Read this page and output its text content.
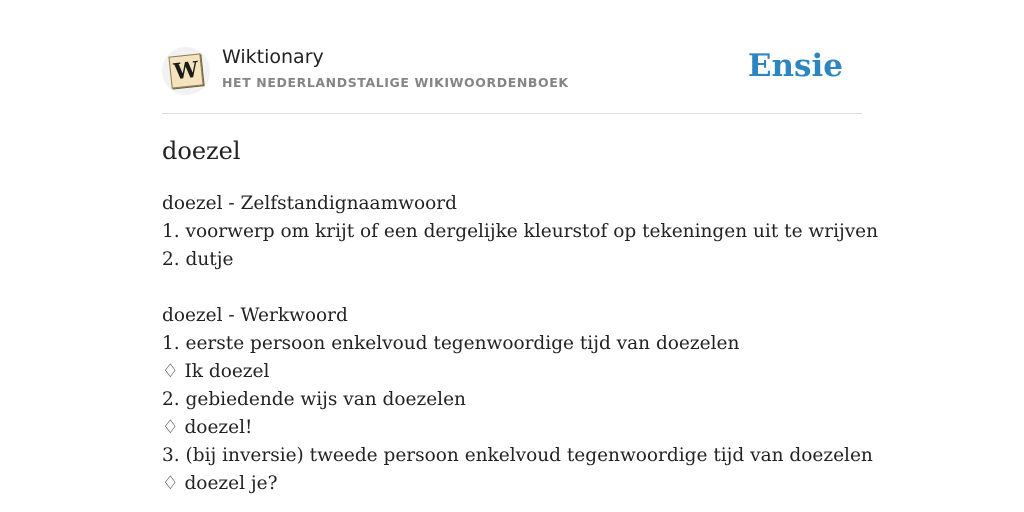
W Wiktionary
HET NEDERLANDSTALIGE WIKIWOORDENBOEK	Ensie
doezel
doezel - Zelfstandignaamwoord
1. voorwerp om krijt of een dergelijke kleurstof op tekeningen uit te wrijven
2. dutje
doezel - Werkwoord
1. eerste persoon enkelvoud tegenwoordige tijd van doezelen
♢ Ik doezel
2. gebiedende wijs van doezelen
♢ doezel!
3. (bij inversie) tweede persoon enkelvoud tegenwoordige tijd van doezelen
♢ doezel je?
